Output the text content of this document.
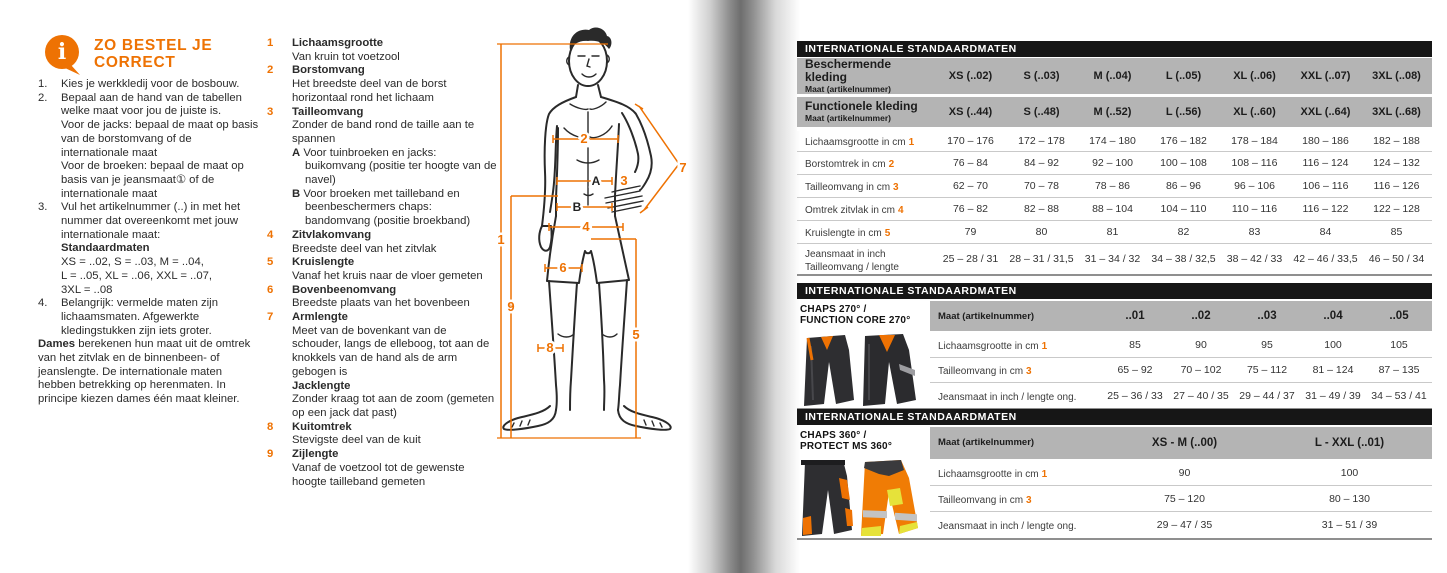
i ZO BESTEL JE
CORRECT
1.	Kies je werkkledij voor de bosbouw.

2.	Bepaal aan de hand van de tabellen welke maat voor jou de juiste is.

Voor de jacks: bepaal de maat op basis van de borstomvang of de internationale maat

Voor de broeken: bepaal de maat op basis van je jeansmaat① of de internationale maat

3.	Vul het artikelnummer (..) in met het nummer dat overeenkomt met jouw internationale maat:

Standaardmaten

XS = ..02, S = ..03, M = ..04,

L = ..05, XL = ..06, XXL = ..07,

3XL = ..08

4.	Belangrijk: vermelde maten zijn lichaamsmaten. Afgewerkte kledingstukken zijn iets groter.

Dames berekenen hun maat uit de omtrek van het zitvlak en de binnenbeen- of jeanslengte. De internationale maten hebben betrekking op herenmaten. In principe kiezen dames één maat kleiner.

1	Lichaamsgrootte
Van kruin tot voetzool
2	Borstomvang
Het breedste deel van de borst horizontaal rond het lichaam
3	Tailleomvang
Zonder de band rond de taille aan te spannen
A Voor tuinbroeken en jacks: buikomvang (positie ter hoogte van de navel)
B Voor broeken met tailleband en beenbeschermers chaps: bandomvang (positie broekband)
4	Zitvlakomvang
Breedste deel van het zitvlak
5	Kruislengte
Vanaf het kruis naar de vloer gemeten
6	Bovenbeenomvang
Breedste plaats van het bovenbeen
7	Armlengte
Meet van de bovenkant van de schouder, langs de elleboog, tot aan de knokkels van de hand als de arm gebogen is
Jacklengte
Zonder kraag tot aan de zoom (gemeten op een jack dat past)
8	Kuitomtrek
Stevigste deel van de kuit
9	Zijlengte
Vanaf de voetzool tot de gewenste hoogte tailleband gemeten
1
2
A 3
B
4
5
6
7
8
9
INTERNATIONALE STANDAARDMATEN
Beschermende kleding
Maat (artikelnummer)	XS (..02)	S (..03)	M (..04)	L (..05)	XL (..06)	XXL (..07)	3XL (..08)

Functionele kleding
Maat (artikelnummer)	XS (..44)	S (..48)	M (..52)	L (..56)	XL (..60)	XXL (..64)	3XL (..68)
Lichaamsgrootte in cm 1	170 – 176	172 – 178	174 – 180	176 – 182	178 – 184	180 – 186	182 – 188
Borstomtrek in cm 2	76 – 84	84 – 92	92 – 100	100 – 108	108 – 116	116 – 124	124 – 132
Tailleomvang in cm 3	62 – 70	70 – 78	78 – 86	86 – 96	96 – 106	106 – 116	116 – 126
Omtrek zitvlak in cm 4	76 – 82	82 – 88	88 – 104	104 – 110	110 – 116	116 – 122	122 – 128
Kruislengte in cm 5	79	80	81	82	83	84	85
Jeansmaat in inch
Tailleomvang / lengte	25 – 28 / 31	28 – 31 / 31,5	31 – 34 / 32	34 – 38 / 32,5	38 – 42 / 33	42 – 46 / 33,5	46 – 50 / 34
INTERNATIONALE STANDAARDMATEN
CHAPS 270° /
FUNCTION CORE 270°	Maat (artikelnummer)	..01	..02	..03	..04	..05
Lichaamsgrootte in cm 1	85	90	95	100	105
Tailleomvang in cm 3	65 – 92	70 – 102	75 – 112	81 – 124	87 – 135
Jeansmaat in inch / lengte ong.	25 – 36 / 33	27 – 40 / 35	29 – 44 / 37	31 – 49 / 39	34 – 53 / 41
INTERNATIONALE STANDAARDMATEN
CHAPS 360° /
PROTECT MS 360°	Maat (artikelnummer)	XS - M (..00)	L - XXL (..01)
Lichaamsgrootte in cm 1	90	100
Tailleomvang in cm 3	75 – 120	80 – 130
Jeansmaat in inch / lengte ong.	29 – 47 / 35	31 – 51 / 39
